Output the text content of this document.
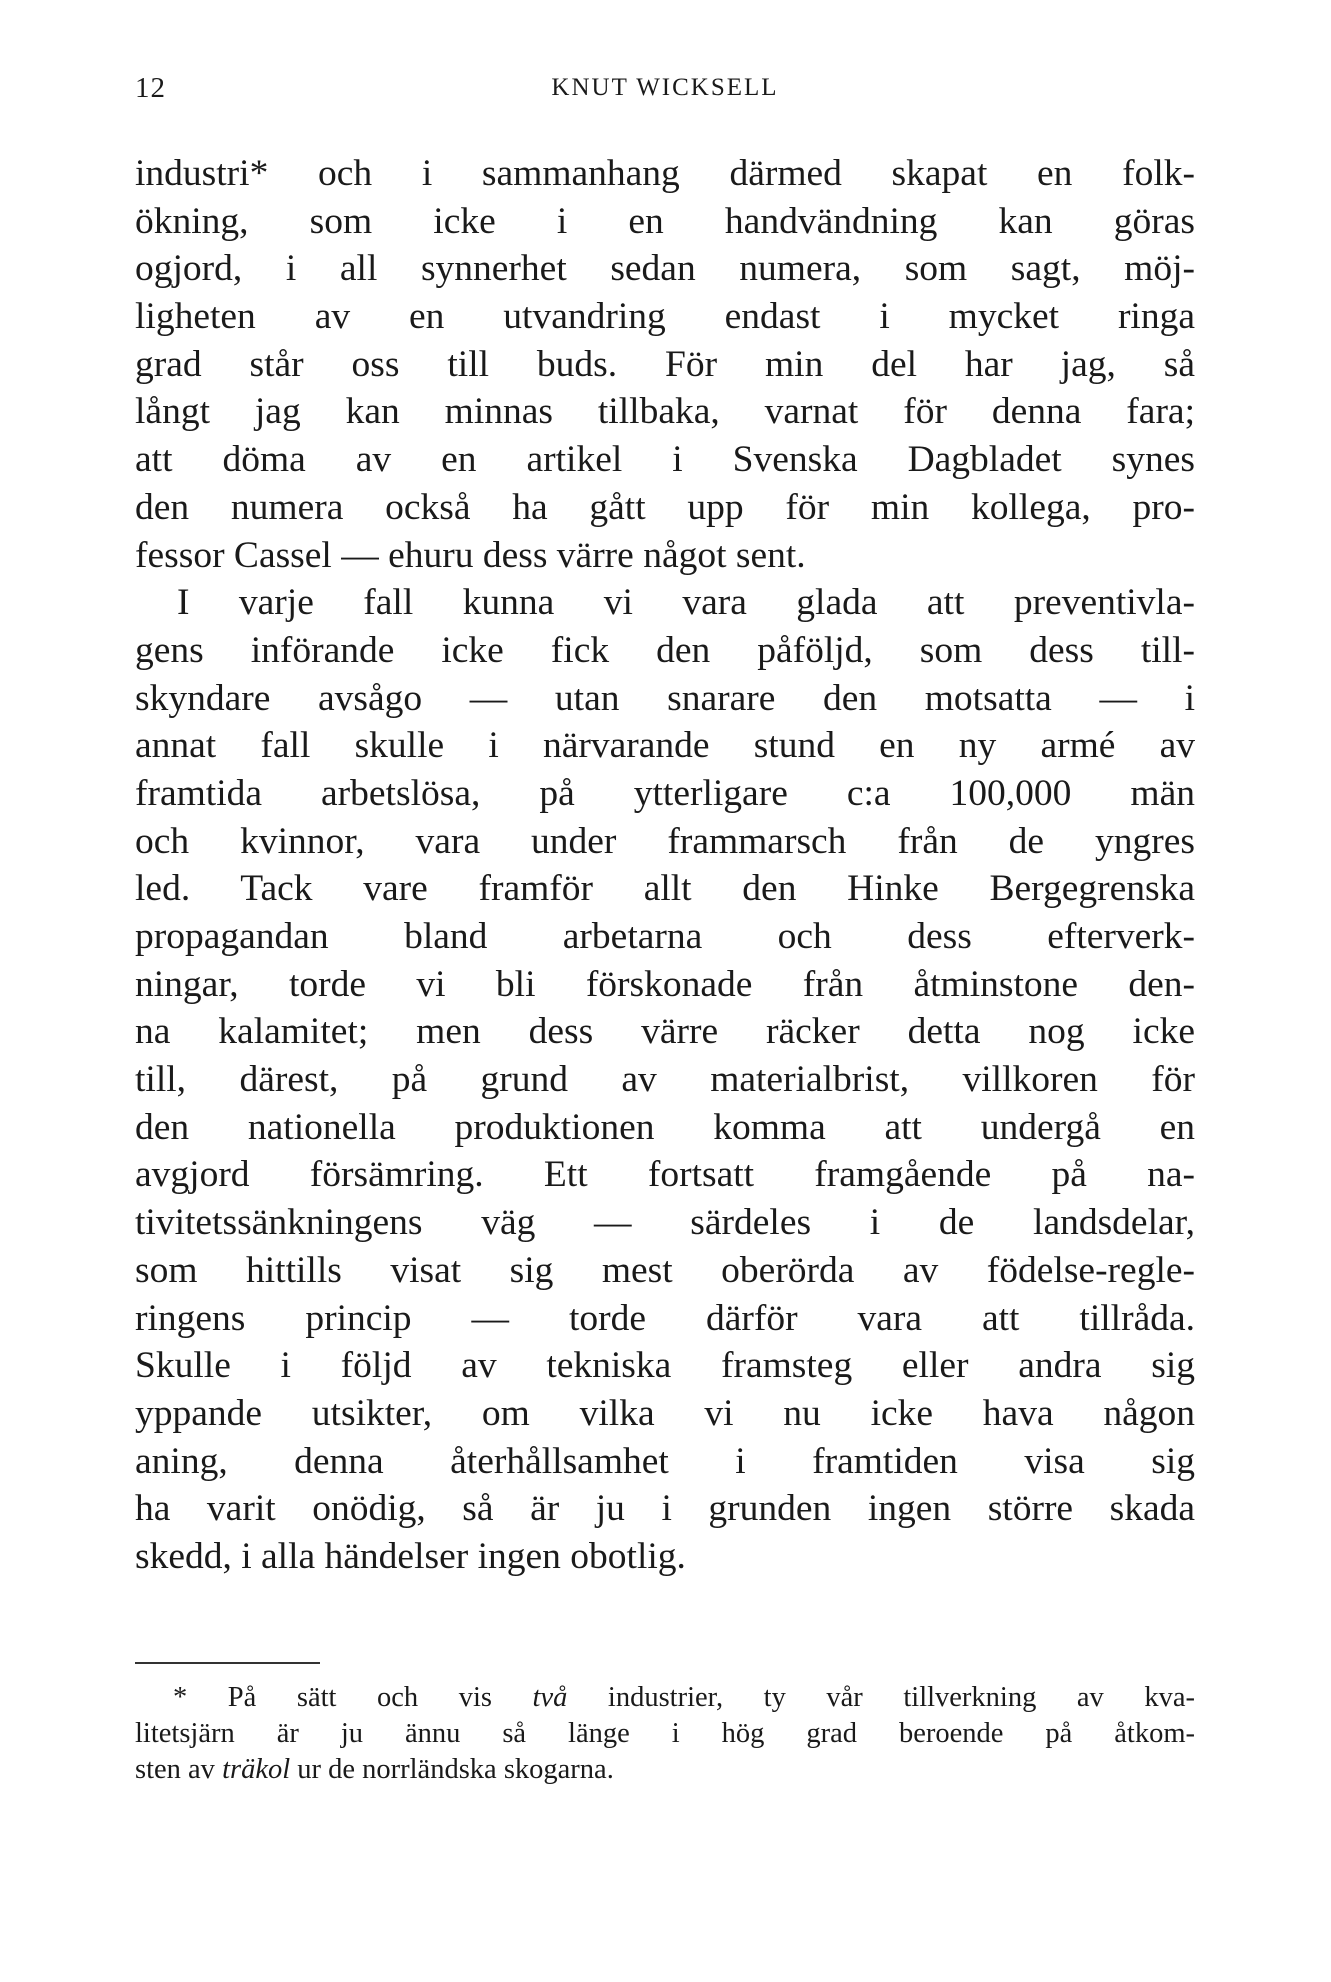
12	KNUT WICKSELL
industri* och i sammanhang därmed skapat en folk-
ökning, som icke i en handvändning kan göras
ogjord, i all synnerhet sedan numera, som sagt, möj-
ligheten av en utvandring endast i mycket ringa
grad står oss till buds. För min del har jag, så
långt jag kan minnas tillbaka, varnat för denna fara;
att döma av en artikel i Svenska Dagbladet synes
den numera också ha gått upp för min kollega, pro-
fessor Cassel — ehuru dess värre något sent.
I varje fall kunna vi vara glada att preventivla-
gens införande icke fick den påföljd, som dess till-
skyndare avsågo — utan snarare den motsatta — i
annat fall skulle i närvarande stund en ny armé av
framtida arbetslösa, på ytterligare c:a 100,000 män
och kvinnor, vara under frammarsch från de yngres
led. Tack vare framför allt den Hinke Bergegrenska
propagandan bland arbetarna och dess efterverk-
ningar, torde vi bli förskonade från åtminstone den-
na kalamitet; men dess värre räcker detta nog icke
till, därest, på grund av materialbrist, villkoren för
den nationella produktionen komma att undergå en
avgjord försämring. Ett fortsatt framgående på na-
tivitetssänkningens väg — särdeles i de landsdelar,
som hittills visat sig mest oberörda av födelse-regle-
ringens princip — torde därför vara att tillråda.
Skulle i följd av tekniska framsteg eller andra sig
yppande utsikter, om vilka vi nu icke hava någon
aning, denna återhållsamhet i framtiden visa sig
ha varit onödig, så är ju i grunden ingen större skada
skedd, i alla händelser ingen obotlig.
* På sätt och vis två industrier, ty vår tillverkning av kva-
litetsjärn är ju ännu så länge i hög grad beroende på åtkom-
sten av träkol ur de norrländska skogarna.
